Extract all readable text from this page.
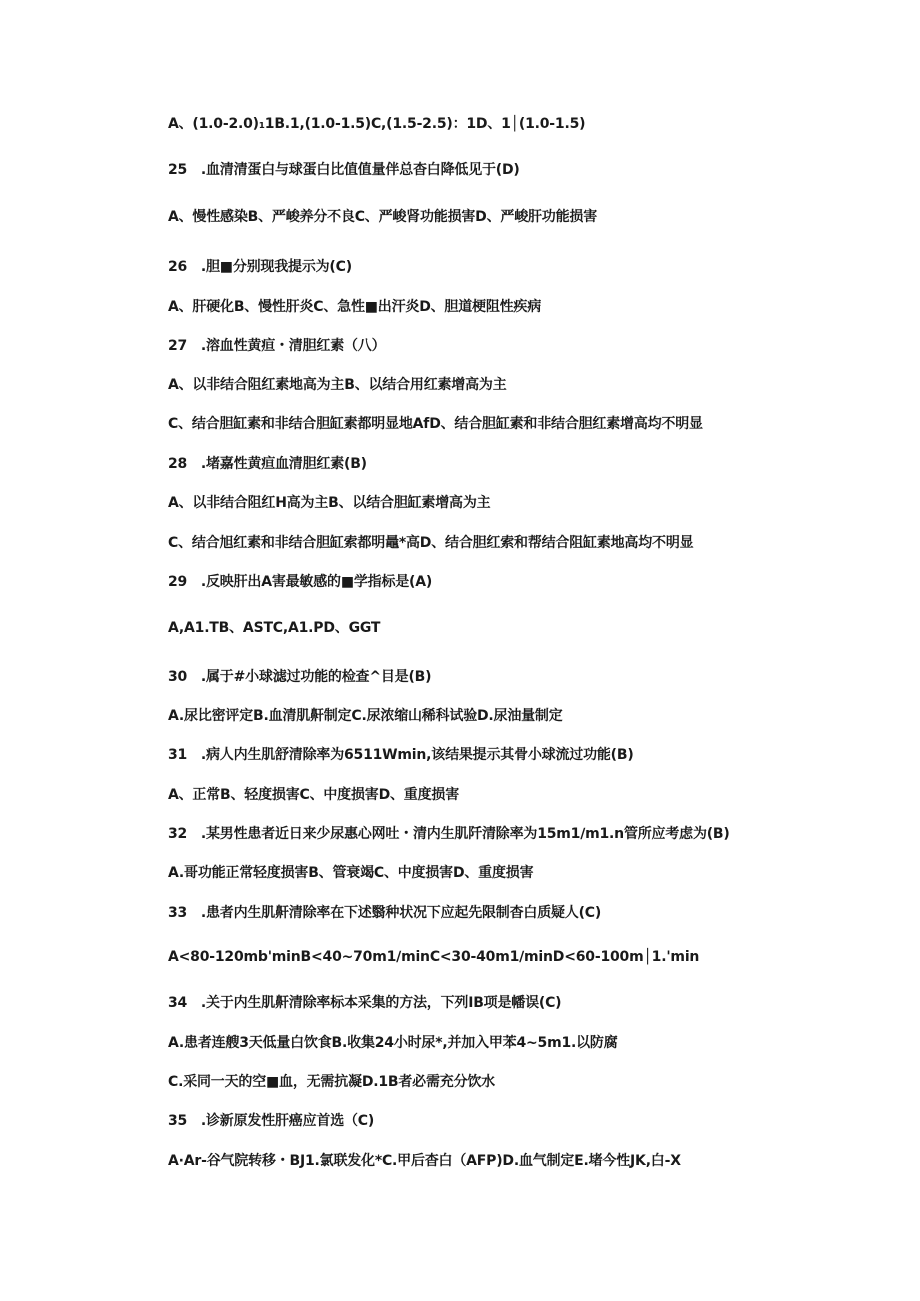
A、(1.0-2.0)₁1B.1,(1.0-1.5)C,(1.5-2.5)：1D、1│(1.0-1.5)
25　.血清清蛋白与球蛋白比值值量伴总杳白降低见于(D)
A、慢性感染B、严峻养分不良C、严峻肾功能损害D、严峻肝功能损害
26　.胆■分别现我提示为(C)
A、肝硬化B、慢性肝炎C、急性■出汗炎D、胆道梗阻性疾病
27　.溶血性黄疸・清胆红素（八）
A、以非结合阻红素地高为主B、以结合用红素增高为主
C、结合胆缸素和非结合胆缸素都明显地AfD、结合胆缸素和非结合胆红素增高均不明显
28　.堵嘉性黄疸血清胆红素(B)
A、以非结合阻红H高为主B、以结合胆缸素增高为主
C、结合旭红素和非结合胆缸索都明鼂*高D、结合胆红索和帮结合阻缸素地高均不明显
29　.反映肝出A害最敏感的■学指标是(A)
A,A1.TB、ASTC,A1.PD、GGT
30　.属于#小球滤过功能的检查^目是(B)
A.尿比密评定B.血清肌鼾制定C.尿浓缩山稀科试验D.尿油量制定
31　.病人内生肌舒清除率为6511Wmin,该结果提示其骨小球流过功能(B)
A、正常B、轻度损害C、中度损害D、重度损害
32　.某男性患者近日来少尿惠心网吐・清内生肌阡清除率为15m1∕m1.n管所应考虑为(B)
A.哥功能正常轻度损害B、管衰竭C、中度损害D、重度损害
33　.患者内生肌鼾清除率在下述翳种状况下应起先限制杳白质疑人(C)
A<80-120mb'minB<40~70m1∕minC<30-40m1∕minD<60-100m│1.'min
34　.关于内生肌鼾清除率标本采集的方法，下列IB项是幡误(C)
A.患者连艘3天低量白饮食B.收集24小时尿*,并加入甲苯4~5m1.以防腐
C.采同一天的空■血，无需抗凝D.1B者必需充分饮水
35　.诊新原发性肝癌应首选（C)
A·Ar-谷气院转移・BJ1.氯联发化*C.甲后杳白（AFP)D.血气制定E.堵今性JK,白-X
